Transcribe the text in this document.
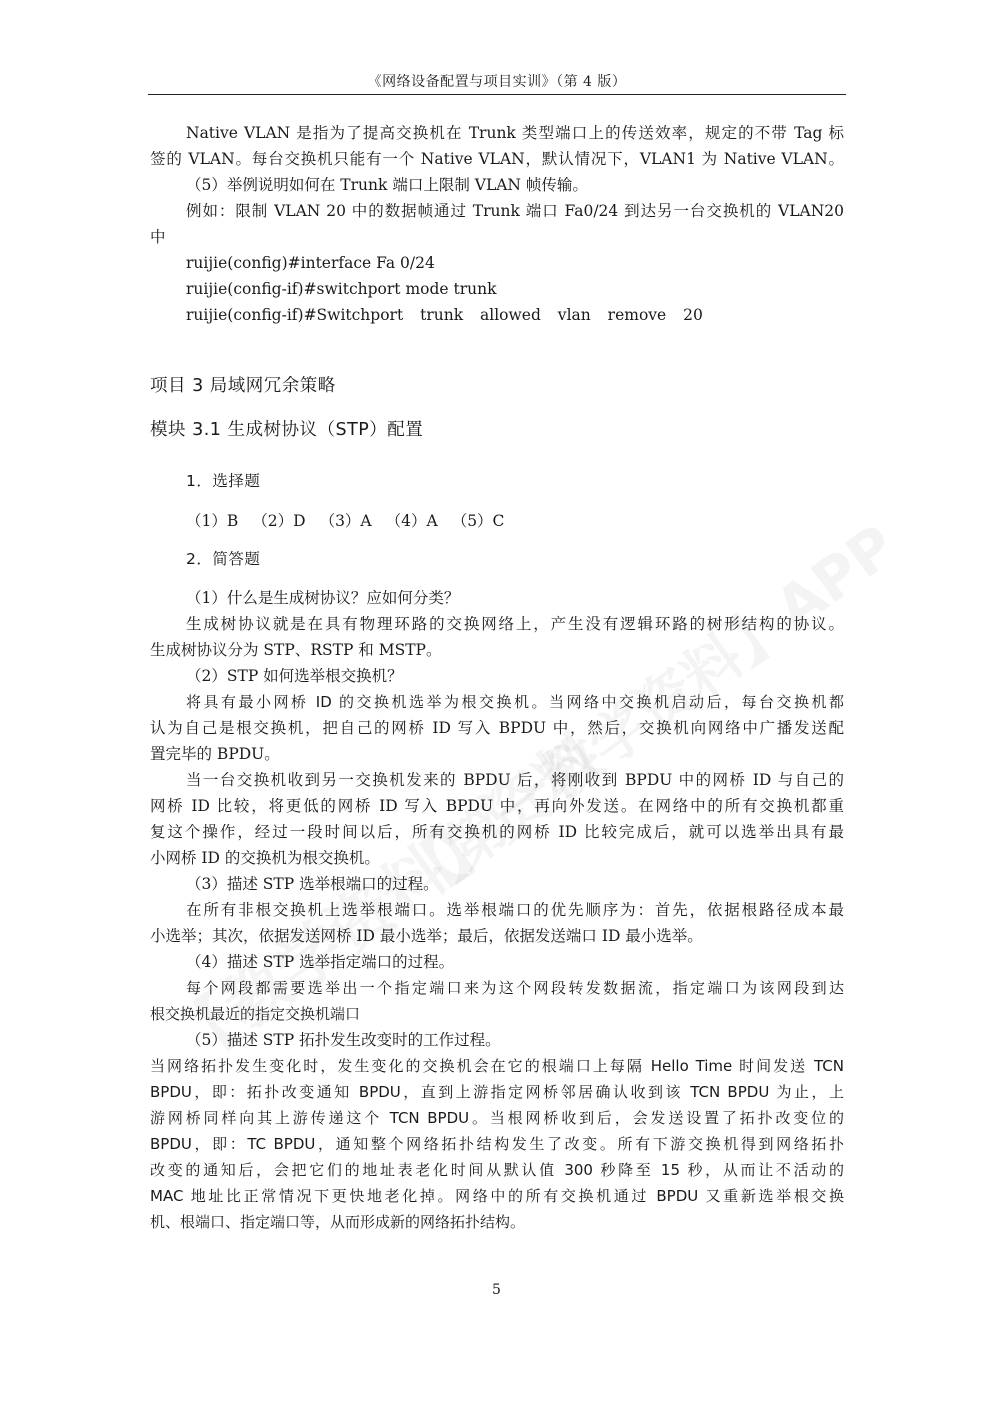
《网络设备配置与项目实训》（第 4 版）

Native VLAN 是指为了提高交换机在 Trunk 类型端口上的传送效率，规定的不带 Tag 标

签的 VLAN。每台交换机只能有一个 Native VLAN，默认情况下，VLAN1 为 Native VLAN。

（5）举例说明如何在 Trunk 端口上限制 VLAN 帧传输。

例如：限制 VLAN 20 中的数据帧通过 Trunk 端口 Fa0/24 到达另一台交换机的 VLAN20

中

ruijie(config)#interface Fa 0/24
ruijie(config-if)#switchport mode trunk
ruijie(config-if)#Switchport trunk allowed vlan remove 20
项目 3 局域网冗余策略
模块 3.1 生成树协议（STP）配置
1．选择题
（1）B （2）D （3）A （4）A （5）C
2．简答题

（1）什么是生成树协议？应如何分类？

生成树协议就是在具有物理环路的交换网络上，产生没有逻辑环路的树形结构的协议。

生成树协议分为 STP、RSTP 和 MSTP。

（2）STP 如何选举根交换机？

将具有最小网桥 ID 的交换机选举为根交换机。当网络中交换机启动后，每台交换机都

认为自己是根交换机，把自己的网桥 ID 写入 BPDU 中，然后，交换机向网络中广播发送配

置完毕的 BPDU。

当一台交换机收到另一交换机发来的 BPDU 后，将刚收到 BPDU 中的网桥 ID 与自己的

网桥 ID 比较，将更低的网桥 ID 写入 BPDU 中，再向外发送。在网络中的所有交换机都重

复这个操作，经过一段时间以后，所有交换机的网桥 ID 比较完成后，就可以选举出具有最

小网桥 ID 的交换机为根交换机。

（3）描述 STP 选举根端口的过程。

在所有非根交换机上选举根端口。选举根端口的优先顺序为：首先，依据根路径成本最

小选举；其次，依据发送网桥 ID 最小选举；最后，依据发送端口 ID 最小选举。

（4）描述 STP 选举指定端口的过程。

每个网段都需要选举出一个指定端口来为这个网段转发数据流，指定端口为该网段到达

根交换机最近的指定交换机端口

（5）描述 STP 拓扑发生改变时的工作过程。

当网络拓扑发生变化时，发生变化的交换机会在它的根端口上每隔 Hello Time 时间发送 TCN

BPDU，即：拓扑改变通知 BPDU，直到上游指定网桥邻居确认收到该 TCN BPDU 为止，上

游网桥同样向其上游传递这个 TCN BPDU。当根网桥收到后，会发送设置了拓扑改变位的

BPDU，即：TC BPDU，通知整个网络拓扑结构发生了改变。所有下游交换机得到网络拓扑

改变的通知后，会把它们的地址表老化时间从默认值 300 秒降至 15 秒，从而让不活动的

MAC 地址比正常情况下更快地老化掉。网络中的所有交换机通过 BPDU 又重新选举根交换

机、根端口、指定端口等，从而形成新的网络拓扑结构。

5
